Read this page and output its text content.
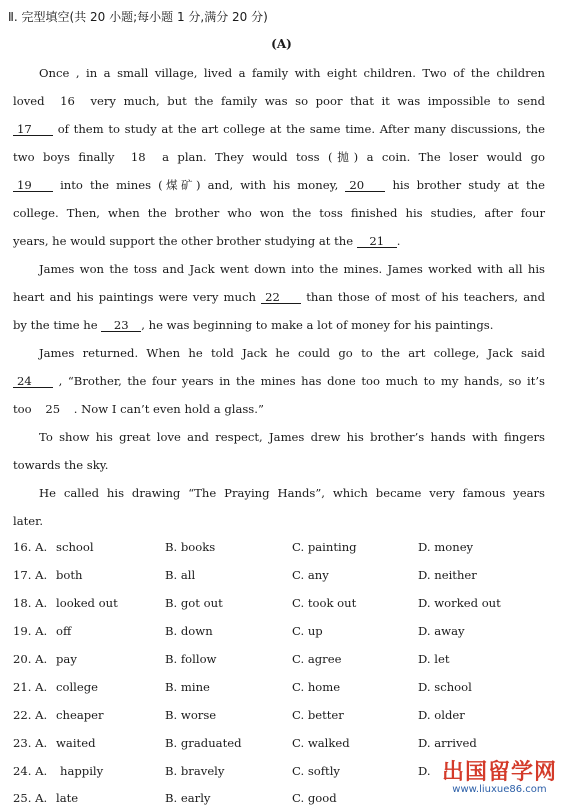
Ⅱ. 完型填空(共 20 小题;每小题 1 分,满分 20 分)
(A)
Once , in a small village, lived a family with eight children. Two of the children
loved 16 very much, but the family was so poor that it was impossible to send
17 of them to study at the art college at the same time. After many discussions, the
two boys finally 18 a plan. They would toss (抛) a coin. The loser would go
19 into the mines (煤矿) and, with his money, 20 his brother study at the
college. Then, when the brother who won the toss finished his studies, after four
years, he would support the other brother studying at the 21 .
James won the toss and Jack went down into the mines. James worked with all his
heart and his paintings were very much 22 than those of most of his teachers, and
by the time he 23 , he was beginning to make a lot of money for his paintings.
James returned. When he told Jack he could go to the art college, Jack said
24 , “Brother, the four years in the mines has done too much to my hands, so it’s
too 25 . Now I can’t even hold a glass.”
To show his great love and respect, James drew his brother’s hands with fingers
towards the sky.
He called his drawing “The Praying Hands”, which became very famous years
later.
16. A. school	B. books	C. painting	D. money
17. A. both	B. all	C. any	D. neither
18. A. looked out	B. got out	C. took out	D. worked out
19. A. off	B. down	C. up	D. away
20. A. pay	B. follow	C. agree	D. let
21. A. college	B. mine	C. home	D. school
22. A. cheaper	B. worse	C. better	D. older
23. A. waited	B. graduated	C. walked	D. arrived
24. A. happily	B. bravely	C. softly	D.
25. A. late	B. early	C. good
出国留学网
www.liuxue86.com
